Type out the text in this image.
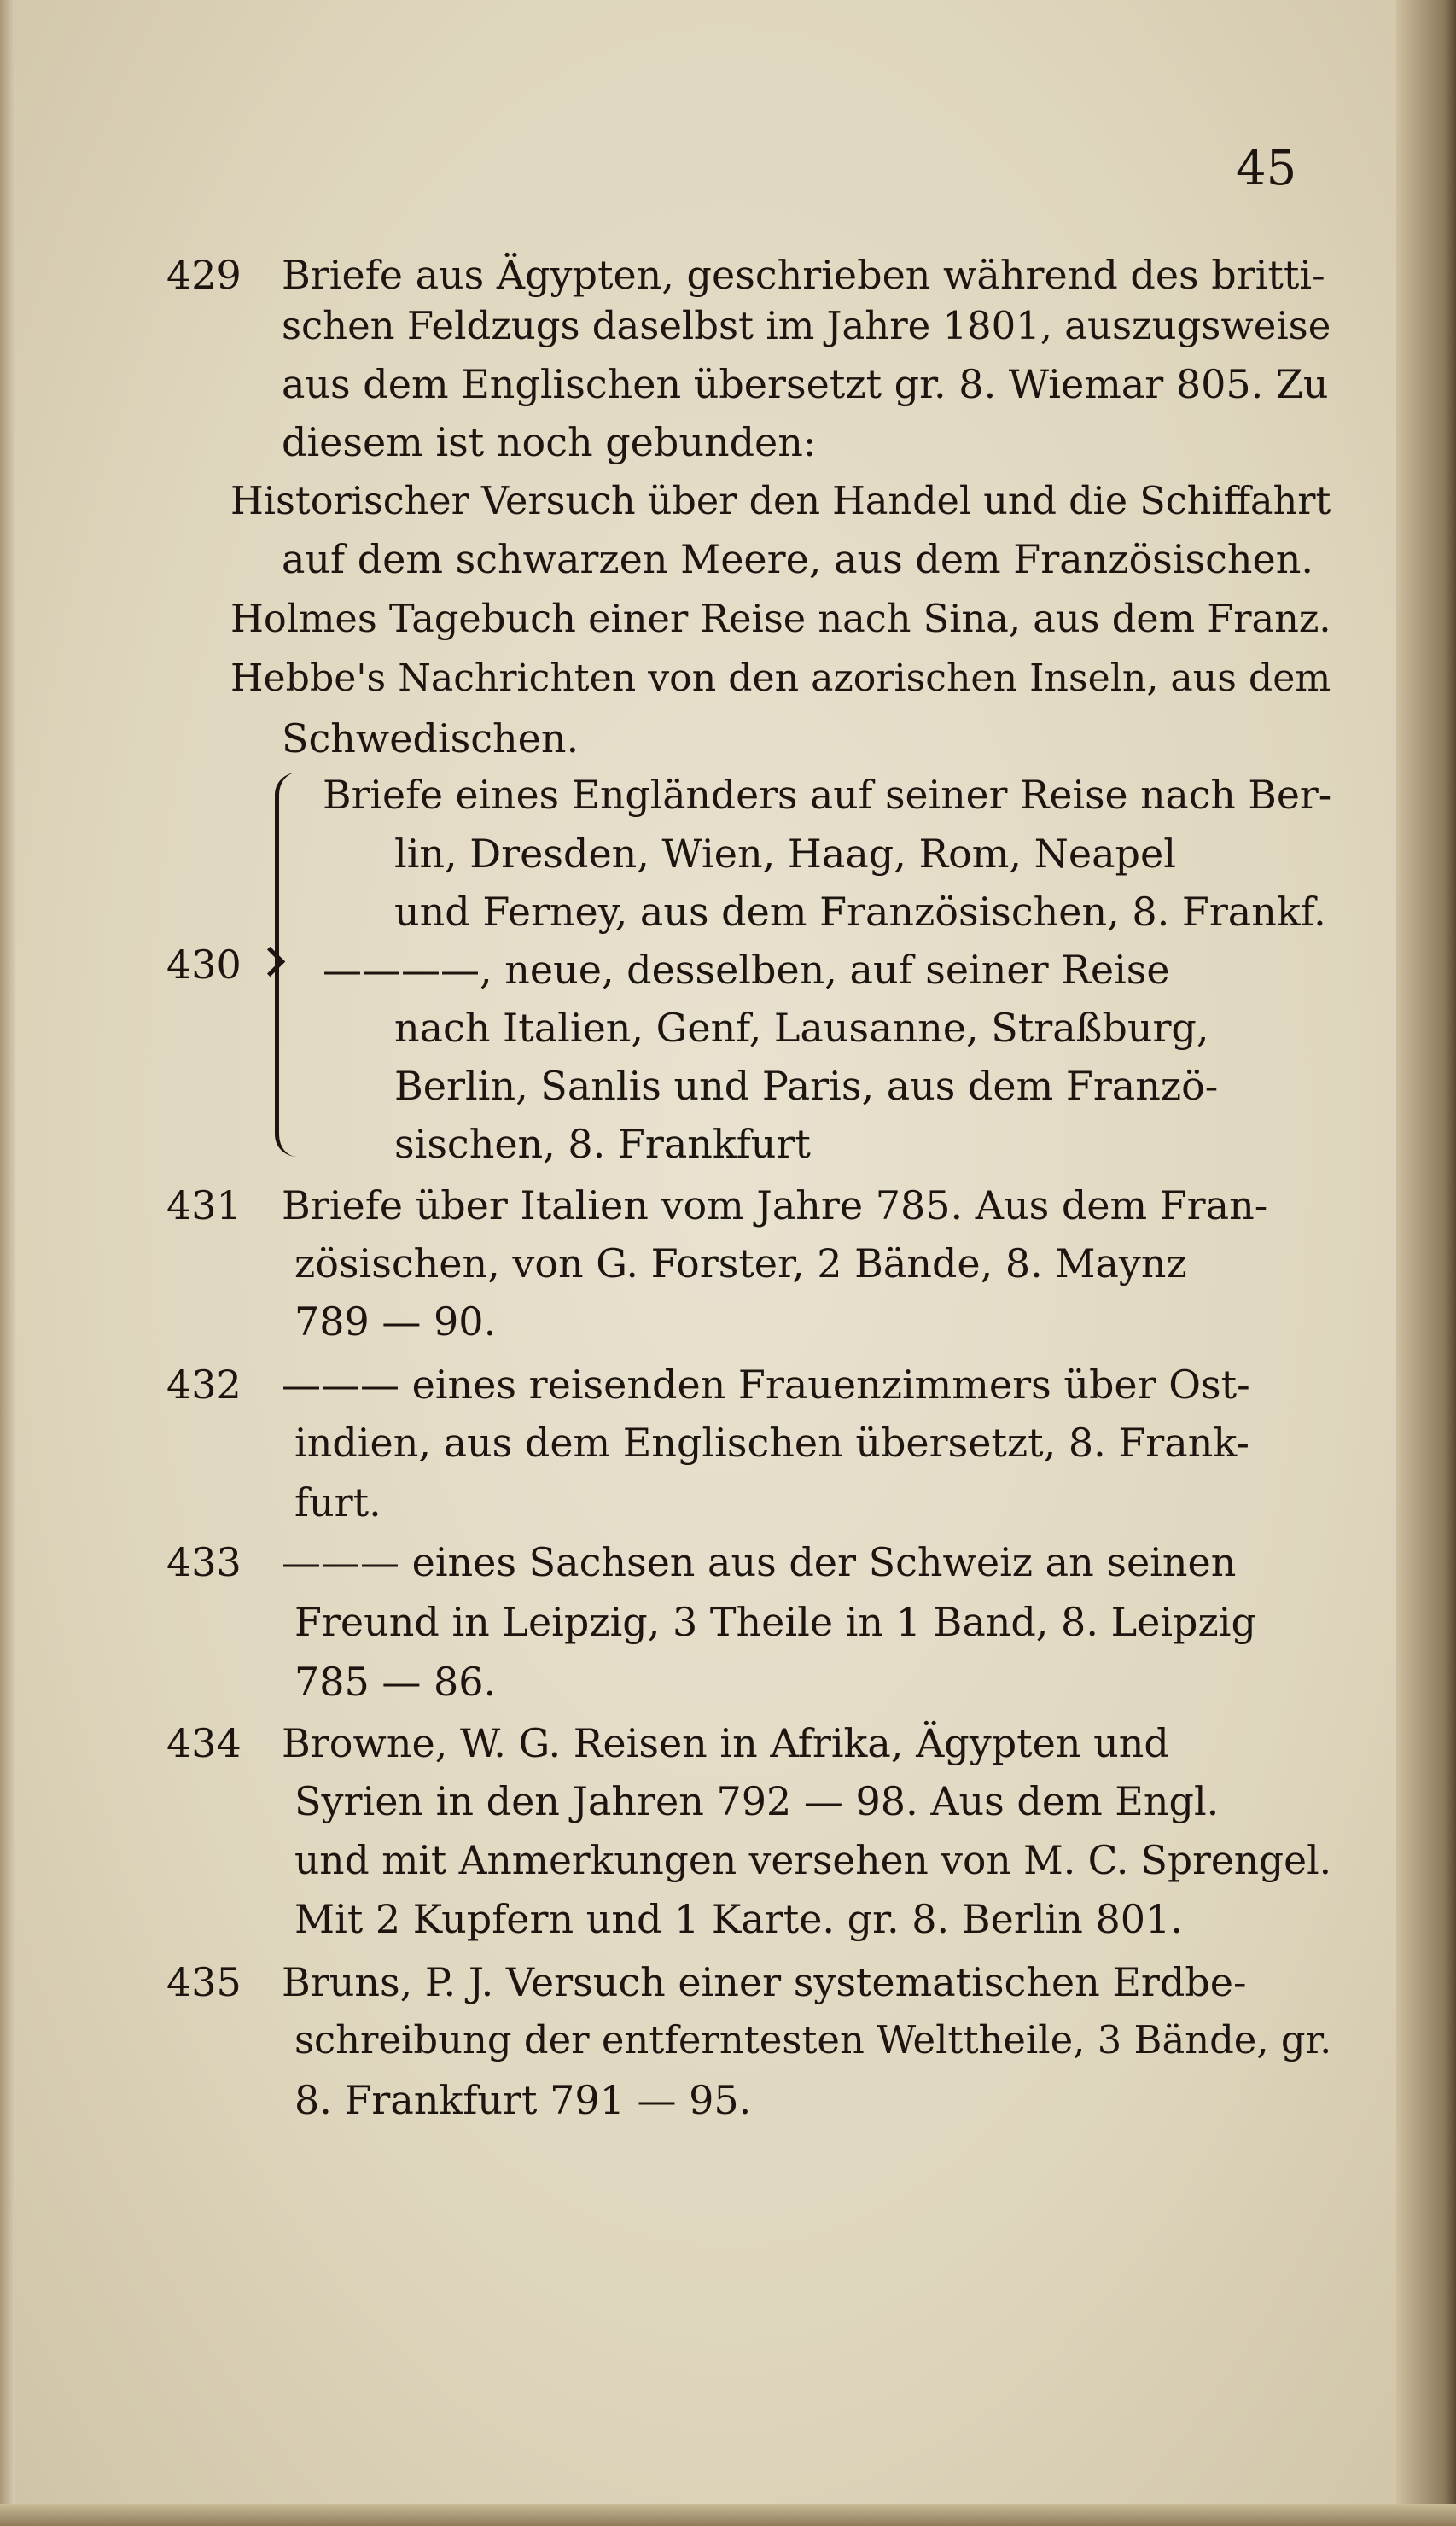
45
429 Briefe aus Ägypten, geschrieben während des britti-
schen Feldzugs daselbst im Jahre 1801, auszugsweise
aus dem Englischen übersetzt gr. 8. Wiemar 805. Zu
diesem ist noch gebunden:
Historischer Versuch über den Handel und die Schiffahrt
auf dem schwarzen Meere, aus dem Französischen.
Holmes Tagebuch einer Reise nach Sina, aus dem Franz.
Hebbe's Nachrichten von den azorischen Inseln, aus dem
Schwedischen.
430
Briefe eines Engländers auf seiner Reise nach Ber-
lin, Dresden, Wien, Haag, Rom, Neapel
und Ferney, aus dem Französischen, 8. Frankf.
————, neue, desselben, auf seiner Reise
nach Italien, Genf, Lausanne, Straßburg,
Berlin, Sanlis und Paris, aus dem Franzö-
sischen, 8. Frankfurt
431 Briefe über Italien vom Jahre 785. Aus dem Fran-
zösischen, von G. Forster, 2 Bände, 8. Maynz
789 — 90.
432 ——— eines reisenden Frauenzimmers über Ost-
indien, aus dem Englischen übersetzt, 8. Frank-
furt.
433 ——— eines Sachsen aus der Schweiz an seinen
Freund in Leipzig, 3 Theile in 1 Band, 8. Leipzig
785 — 86.
434 Browne, W. G. Reisen in Afrika, Ägypten und
Syrien in den Jahren 792 — 98. Aus dem Engl.
und mit Anmerkungen versehen von M. C. Sprengel.
Mit 2 Kupfern und 1 Karte. gr. 8. Berlin 801.
435 Bruns, P. J. Versuch einer systematischen Erdbe-
schreibung der entferntesten Welttheile, 3 Bände, gr.
8. Frankfurt 791 — 95.
